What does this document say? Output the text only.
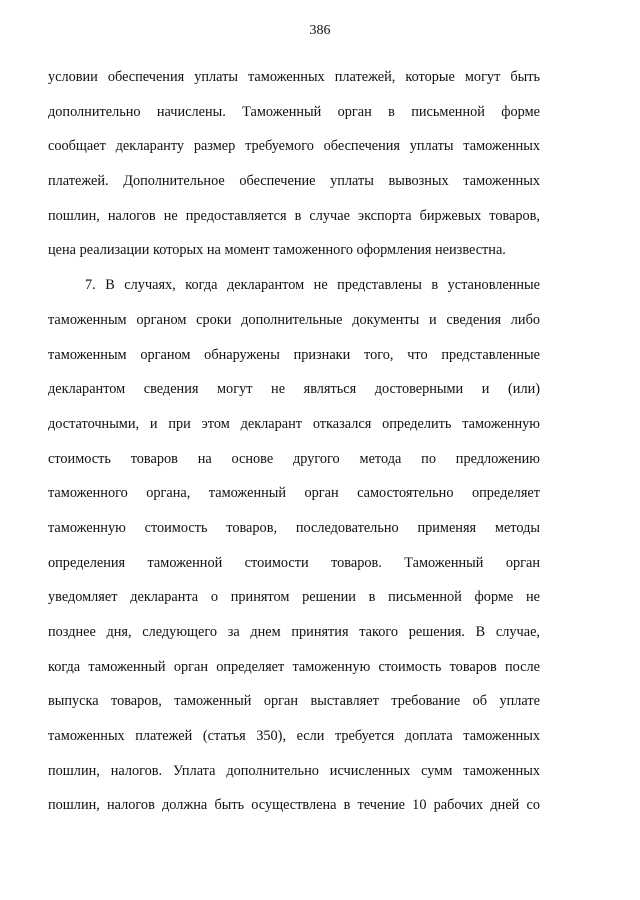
386
условии обеспечения уплаты таможенных платежей, которые могут быть
дополнительно начислены. Таможенный орган в письменной форме
сообщает декларанту размер требуемого обеспечения уплаты таможенных
платежей. Дополнительное обеспечение уплаты вывозных таможенных
пошлин, налогов не предоставляется в случае экспорта биржевых товаров,
цена реализации которых на момент таможенного оформления неизвестна.
7. В случаях, когда декларантом не представлены в установленные
таможенным органом сроки дополнительные документы и сведения либо
таможенным органом обнаружены признаки того, что представленные
декларантом сведения могут не являться достоверными и (или)
достаточными, и при этом декларант отказался определить таможенную
стоимость товаров на основе другого метода по предложению
таможенного органа, таможенный орган самостоятельно определяет
таможенную стоимость товаров, последовательно применяя методы
определения таможенной стоимости товаров. Таможенный орган
уведомляет декларанта о принятом решении в письменной форме не
позднее дня, следующего за днем принятия такого решения. В случае,
когда таможенный орган определяет таможенную стоимость товаров после
выпуска товаров, таможенный орган выставляет требование об уплате
таможенных платежей (статья 350), если требуется доплата таможенных
пошлин, налогов. Уплата дополнительно исчисленных сумм таможенных
пошлин, налогов должна быть осуществлена в течение 10 рабочих дней со
